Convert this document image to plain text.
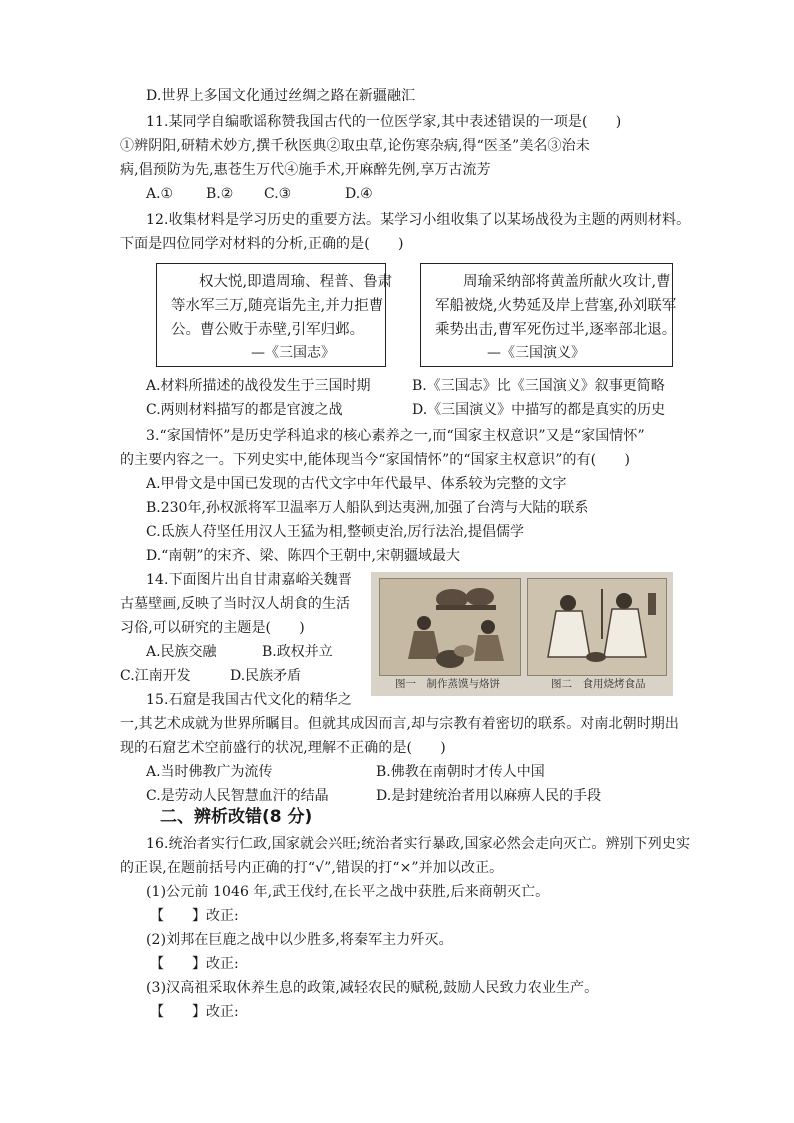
D.世界上多国文化通过丝绸之路在新疆融汇
11.某同学自编歌谣称赞我国古代的一位医学家,其中表述错误的一项是(　　)
①辨阴阳,研精术妙方,撰千秋医典②取虫草,论伤寒杂病,得“医圣”美名③治未
病,倡预防为先,惠苍生万代④施手术,开麻醉先例,享万古流芳
A.① B.② C.③	D.④
12.收集材料是学习历史的重要方法。某学习小组收集了以某场战役为主题的两则材料。
下面是四位同学对材料的分析,正确的是(　　)
权大悦,即遣周瑜、程普、鲁肃
等水军三万,随亮诣先主,并力拒曹
公。曹公败于赤壁,引军归邺。
—《三国志》
周瑜采纳部将黄盖所献火攻计,曹
军船被烧,火势延及岸上营塞,孙刘联军
乘势出击,曹军死伤过半,逐率部北退。
—《三国演义》
A.材料所描述的战役发生于三国时期	B.《三国志》比《三国演义》叙事更简略
C.两则材料描写的都是官渡之战	D.《三国演义》中描写的都是真实的历史
3.“家国情怀”是历史学科追求的核心素养之一,而“国家主权意识”又是“家国情怀”
的主要内容之一。下列史实中,能体现当今“家国情怀”的“国家主权意识”的有(　　)
A.甲骨文是中国已发现的古代文字中年代最早、体系较为完整的文字
B.230年,孙权派将军卫温率万人船队到达夷洲,加强了台湾与大陆的联系
C.氐族人苻坚任用汉人王猛为相,整顿吏治,厉行法治,提倡儒学
D.“南朝”的宋齐、梁、陈四个王朝中,宋朝疆域最大
14.下面图片出自甘肃嘉峪关魏晋
古墓壁画,反映了当时汉人胡食的生活
习俗,可以研究的主题是(　　)
A.民族交融	B.政权并立
C.江南开发	D.民族矛盾	图一　制作蒸馍与烙饼	图二　食用烧烤食品
15.石窟是我国古代文化的精华之
一,其艺术成就为世界所瞩目。但就其成因而言,却与宗教有着密切的联系。对南北朝时期出
现的石窟艺术空前盛行的状况,理解不正确的是(　　)
A.当时佛教广为流传	B.佛教在南朝时才传人中国
C.是劳动人民智慧血汗的结晶	D.是封建统治者用以麻痹人民的手段
二、辨析改错(8 分)
16.统治者实行仁政,国家就会兴旺;统治者实行暴政,国家必然会走向灭亡。辨别下列史实
的正误,在题前括号内正确的打“√”,错误的打“×”并加以改正。
(1)公元前 1046 年,武王伐纣,在长平之战中获胜,后来商朝灭亡。
【　　】改正:
(2)刘邦在巨鹿之战中以少胜多,将秦军主力歼灭。
【　　】改正:
(3)汉高祖采取休养生息的政策,减轻农民的赋税,鼓励人民致力农业生产。
【　　】改正:
